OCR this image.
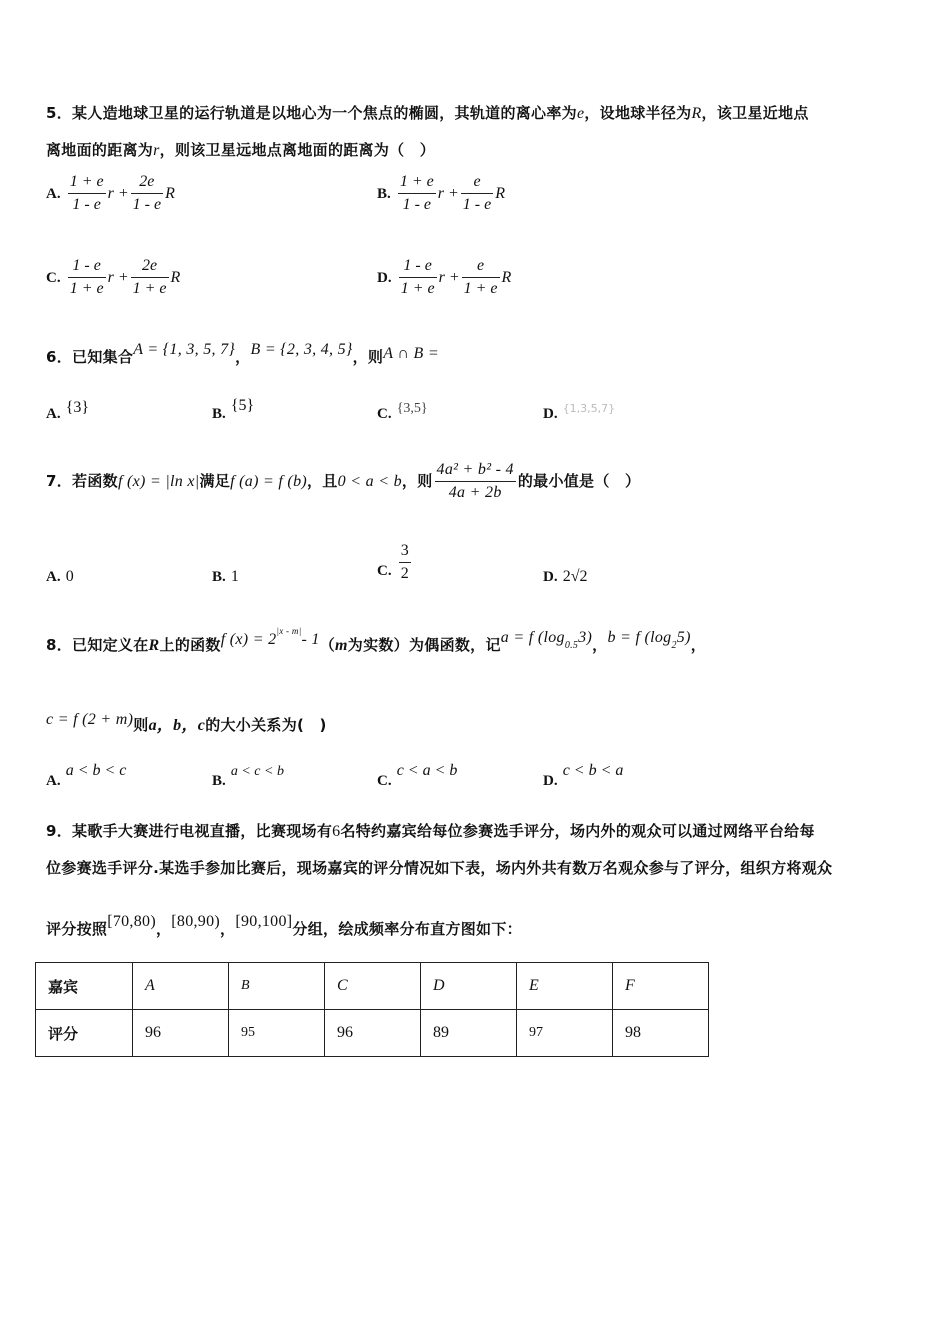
5．某人造地球卫星的运行轨道是以地心为一个焦点的椭圆，其轨道的离心率为e，设地球半径为R，该卫星近地点
离地面的距离为r，则该卫星远地点离地面的距离为（　）
A. $\frac{1 + e}{1 - e}$ $r + \frac{2e}{1 - e}$ R	B. $\frac{1 + e}{1 - e}$ $r + \frac{e}{1 - e}$ R
C. $\frac{1 - e}{1 + e}$ $r + \frac{2e}{1 + e}$ R	D. $\frac{1 - e}{1 + e}$ $r + \frac{e}{1 + e}$ R
6．已知集合A = {1, 3, 5, 7}，B = {2, 3, 4, 5}，则A ∩ B =
A. {3}	B. {5}	C. {3,5}	D. $^{\{1,3,5,7\}}$
7．若函数f (x) = |ln x|满足f (a) = f (b)，且0 < a < b，则 $\frac{\text{4a² + b² - 4}}{4a + 2b}$ 的最小值是（　）
A. 0	B. 1	C. $\frac{3}{2}$	D. 2√2
8．已知定义在R上的函数f $(x) = 2^{|x - m|}-$ 1（m为实数）为偶函数，记a = f $(\log_{0.5}3)$，b = f $(\log_25)$，
c = f (2 + m)则a，b，c的大小关系为(　)
A. a < b < c
B. a < c < b
C. c < a < b
D. c < b < a
9．某歌手大赛进行电视直播，比赛现场有6名特约嘉宾给每位参赛选手评分，场内外的观众可以通过网络平台给每
位参赛选手评分.某选手参加比赛后，现场嘉宾的评分情况如下表，场内外共有数万名观众参与了评分，组织方将观众
评分按照[70,80)，[80,90)，[90,100]分组，绘成频率分布直方图如下：
嘉宾	A	B	C	D	E	F
评分	96	95	96	89	97	98
